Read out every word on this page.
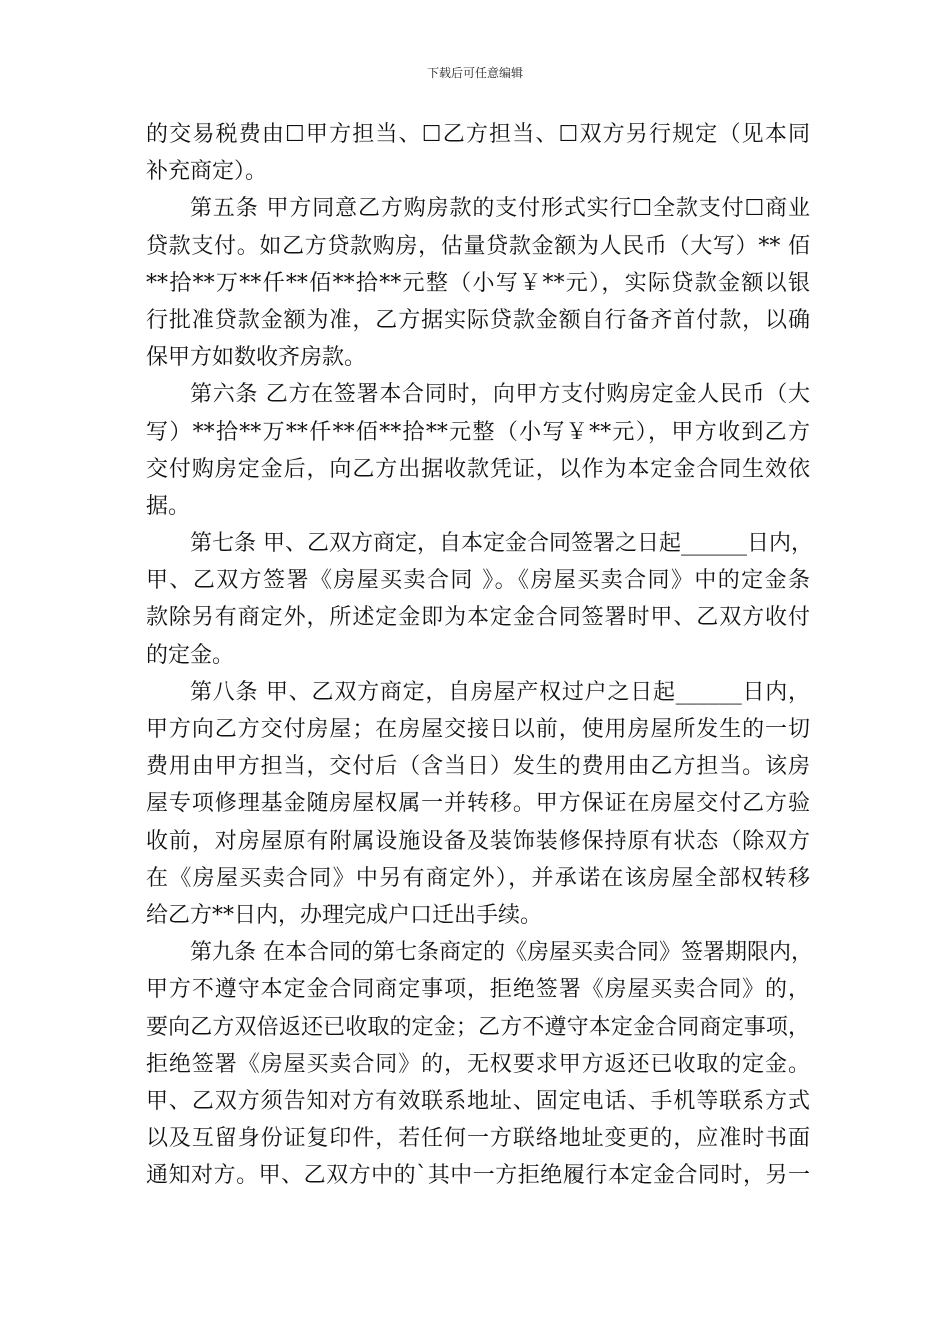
下载后可任意编辑
的交易税费由☐甲方担当、☐乙方担当、☐双方另行规定（见本同
补充商定）。
第五条 甲方同意乙方购房款的支付形式实行☐全款支付☐商业
贷款支付。如乙方贷款购房，估量贷款金额为人民币（大写）** 佰
**拾**万**仟**佰**拾**元整（小写￥**元），实际贷款金额以银
行批准贷款金额为准，乙方据实际贷款金额自行备齐首付款，以确
保甲方如数收齐房款。
第六条 乙方在签署本合同时，向甲方支付购房定金人民币（大
写）**拾**万**仟**佰**拾**元整（小写￥**元），甲方收到乙方
交付购房定金后，向乙方出据收款凭证，以作为本定金合同生效依
据。
第七条 甲、乙双方商定，自本定金合同签署之日起______日内，
甲、乙双方签署《房屋买卖合同 》。《房屋买卖合同》中的定金条
款除另有商定外，所述定金即为本定金合同签署时甲、乙双方收付
的定金。
第八条 甲、乙双方商定，自房屋产权过户之日起______日内，
甲方向乙方交付房屋；在房屋交接日以前，使用房屋所发生的一切
费用由甲方担当，交付后（含当日）发生的费用由乙方担当。该房
屋专项修理基金随房屋权属一并转移。甲方保证在房屋交付乙方验
收前，对房屋原有附属设施设备及装饰装修保持原有状态（除双方
在《房屋买卖合同》中另有商定外），并承诺在该房屋全部权转移
给乙方**日内，办理完成户口迁出手续。
第九条 在本合同的第七条商定的《房屋买卖合同》签署期限内，
甲方不遵守本定金合同商定事项，拒绝签署《房屋买卖合同》的，
要向乙方双倍返还已收取的定金；乙方不遵守本定金合同商定事项，
拒绝签署《房屋买卖合同》的，无权要求甲方返还已收取的定金。
甲、乙双方须告知对方有效联系地址、固定电话、手机等联系方式
以及互留身份证复印件，若任何一方联络地址变更的，应准时书面
通知对方。甲、乙双方中的`其中一方拒绝履行本定金合同时，另一
